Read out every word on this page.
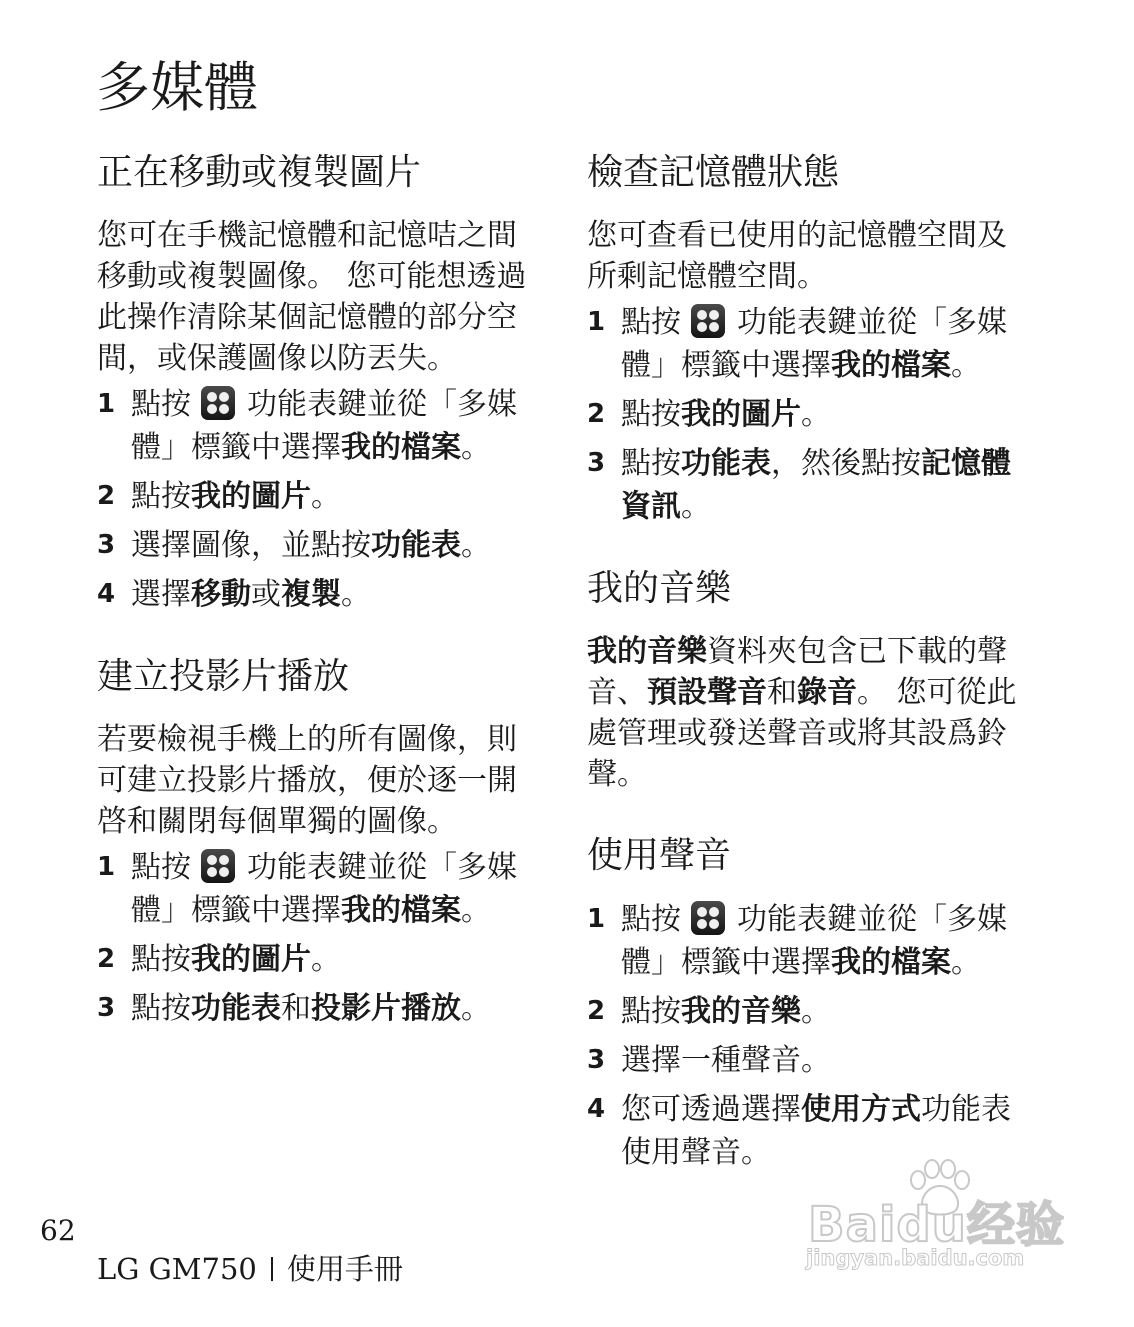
多媒體
正在移動或複製圖片

您可在手機記憶體和記憶咭之間移動或複製圖像。 您可能想透過此操作清除某個記憶體的部分空間，或保護圖像以防丟失。

1 點按 功能表鍵並從「多媒體」標籤中選擇我的檔案。
2 點按我的圖片。
3 選擇圖像，並點按功能表。
4 選擇移動或複製。
建立投影片播放

若要檢視手機上的所有圖像，則可建立投影片播放，便於逐一開啓和關閉每個單獨的圖像。

1 點按 功能表鍵並從「多媒體」標籤中選擇我的檔案。
2 點按我的圖片。
3 點按功能表和投影片播放。
檢查記憶體狀態

您可查看已使用的記憶體空間及所剩記憶體空間。

1 點按 功能表鍵並從「多媒體」標籤中選擇我的檔案。
2 點按我的圖片。
3 點按功能表，然後點按記憶體資訊。
我的音樂

我的音樂資料夾包含已下載的聲音、預設聲音和錄音。 您可從此處管理或發送聲音或將其設爲鈴聲。

使用聲音
1 點按 功能表鍵並從「多媒體」標籤中選擇我的檔案。
2 點按我的音樂。
3 選擇一種聲音。
4 您可透過選擇使用方式功能表使用聲音。
62
LG GM750 使用手冊
Baidu经验
jingyan.baidu.com
